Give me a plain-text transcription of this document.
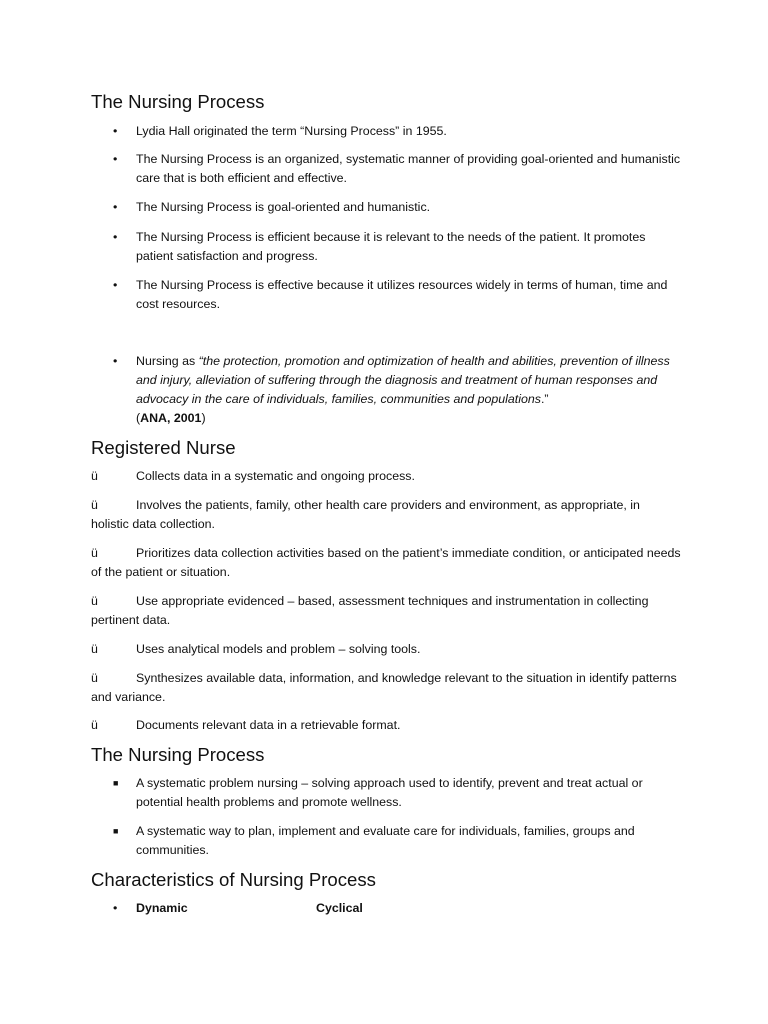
The Nursing Process
•	Lydia Hall originated the term “Nursing Process” in 1955.
•	The Nursing Process is an organized, systematic manner of providing goal-oriented and humanistic care that is both efficient and effective.
•	The Nursing Process is goal-oriented and humanistic.
•	The Nursing Process is efficient because it is relevant to the needs of the patient. It promotes patient satisfaction and progress.
•	The Nursing Process is effective because it utilizes resources widely in terms of human, time and cost resources.
•	Nursing as “the protection, promotion and optimization of health and abilities, prevention of illness and injury, alleviation of suffering through the diagnosis and treatment of human responses and advocacy in the care of individuals, families, communities and populations.”
(ANA, 2001)
Registered Nurse
ü	Collects data in a systematic and ongoing process.

ü	Involves the patients, family, other health care providers and environment, as appropriate, in holistic data collection.

ü	Prioritizes data collection activities based on the patient’s immediate condition, or anticipated needs of the patient or situation.

ü	Use appropriate evidenced – based, assessment techniques and instrumentation in collecting pertinent data.

ü	Uses analytical models and problem – solving tools.

ü	Synthesizes available data, information, and knowledge relevant to the situation in identify patterns and variance.

ü	Documents relevant data in a retrievable format.

The Nursing Process
■	A systematic problem nursing – solving approach used to identify, prevent and treat actual or potential health problems and promote wellness.
■	A systematic way to plan, implement and evaluate care for individuals, families, groups and communities.
Characteristics of Nursing Process
•	Dynamic	Cyclical
